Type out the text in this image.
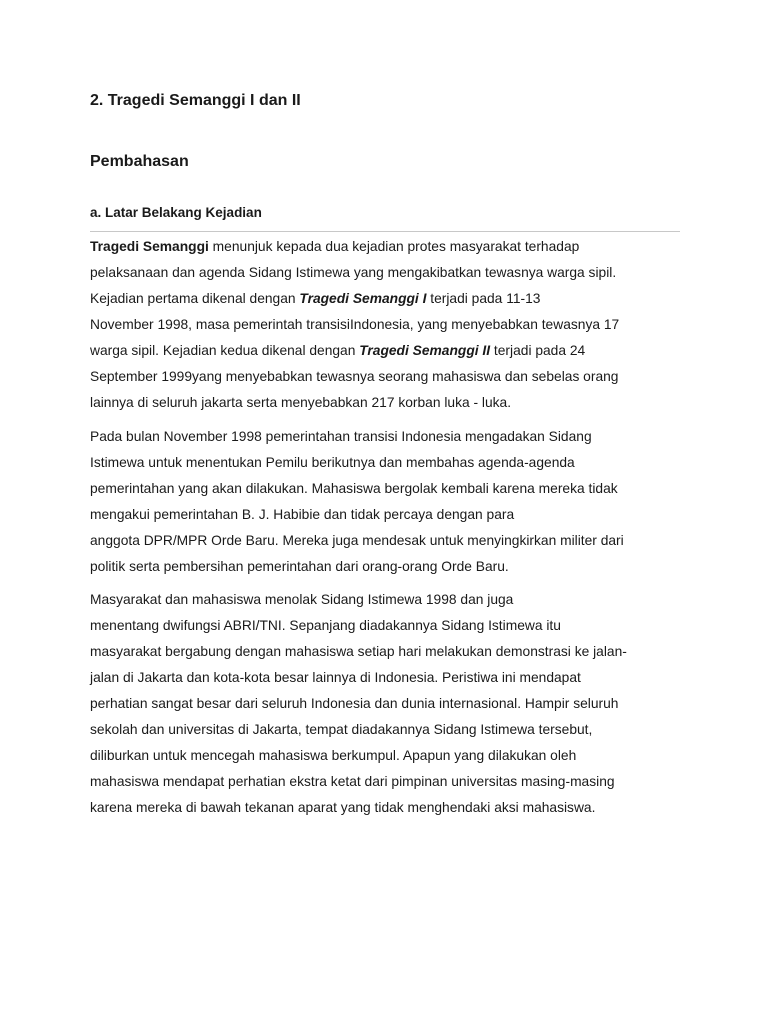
2. Tragedi Semanggi I dan II
Pembahasan
a. Latar Belakang Kejadian

Tragedi Semanggi menunjuk kepada dua kejadian protes masyarakat terhadap
pelaksanaan dan agenda Sidang Istimewa yang mengakibatkan tewasnya warga sipil.
Kejadian pertama dikenal dengan Tragedi Semanggi I terjadi pada 11-13
November 1998, masa pemerintah transisiIndonesia, yang menyebabkan tewasnya 17
warga sipil. Kejadian kedua dikenal dengan Tragedi Semanggi II terjadi pada 24
September 1999yang menyebabkan tewasnya seorang mahasiswa dan sebelas orang
lainnya di seluruh jakarta serta menyebabkan 217 korban luka - luka.

Pada bulan November 1998 pemerintahan transisi Indonesia mengadakan Sidang
Istimewa untuk menentukan Pemilu berikutnya dan membahas agenda-agenda
pemerintahan yang akan dilakukan. Mahasiswa bergolak kembali karena mereka tidak
mengakui pemerintahan B. J. Habibie dan tidak percaya dengan para
anggota DPR/MPR Orde Baru. Mereka juga mendesak untuk menyingkirkan militer dari
politik serta pembersihan pemerintahan dari orang-orang Orde Baru.

Masyarakat dan mahasiswa menolak Sidang Istimewa 1998 dan juga
menentang dwifungsi ABRI/TNI. Sepanjang diadakannya Sidang Istimewa itu
masyarakat bergabung dengan mahasiswa setiap hari melakukan demonstrasi ke jalan-
jalan di Jakarta dan kota-kota besar lainnya di Indonesia. Peristiwa ini mendapat
perhatian sangat besar dari seluruh Indonesia dan dunia internasional. Hampir seluruh
sekolah dan universitas di Jakarta, tempat diadakannya Sidang Istimewa tersebut,
diliburkan untuk mencegah mahasiswa berkumpul. Apapun yang dilakukan oleh
mahasiswa mendapat perhatian ekstra ketat dari pimpinan universitas masing-masing
karena mereka di bawah tekanan aparat yang tidak menghendaki aksi mahasiswa.
